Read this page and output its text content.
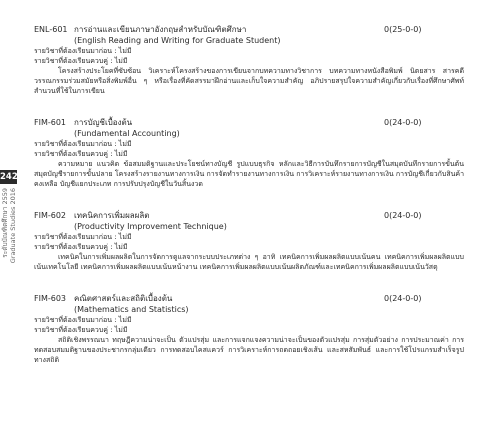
242
ระดับบัณฑิตศึกษา 2559 Graduate Studies 2016
ENL-601 การอ่านและเขียนภาษาอังกฤษสำหรับบัณฑิตศึกษา	0(25-0-0)
(English Reading and Writing for Graduate Student)
รายวิชาที่ต้องเรียนมาก่อน : ไม่มี
รายวิชาที่ต้องเรียนควบคู่ : ไม่มี
โครงสร้างประโยคที่ซับซ้อน วิเคราะห์โครงสร้างของการเขียนจากบทความทางวิชาการ บทความทางหนังสือพิมพ์ นิตยสาร สารคดี วรรณกรรมร่วมสมัยหรือสิ่งพิมพ์อื่น ๆ หรือเรื่องที่คัดสรรมาฝึกอ่านและเก็บใจความสำคัญ อภิปรายสรุปใจความสำคัญเกี่ยวกับเรื่องที่ศึกษาศัพท์ สำนวนที่ใช้ในการเขียน
FIM-601 การบัญชีเบื้องต้น	0(24-0-0)
(Fundamental Accounting)
รายวิชาที่ต้องเรียนมาก่อน : ไม่มี
รายวิชาที่ต้องเรียนควบคู่ : ไม่มี
ความหมาย แนวคิด ข้อสมมติฐานและประโยชน์ทางบัญชี รูปแบบธุรกิจ หลักและวิธีการบันทึกรายการบัญชีในสมุดบันทึกรายการขั้นต้น สมุดบัญชีรายการขั้นปลาย โครงสร้างรายงานทางการเงิน การจัดทำรายงานทางการเงิน การวิเคราะห์รายงานทางการเงิน การบัญชีเกี่ยวกับสินค้าคงเหลือ บัญชีแยกประเภท การปรับปรุงบัญชีในวันสิ้นงวด
FIM-602 เทคนิคการเพิ่มผลผลิต	0(24-0-0)
(Productivity Improvement Technique)
รายวิชาที่ต้องเรียนมาก่อน : ไม่มี
รายวิชาที่ต้องเรียนควบคู่ : ไม่มี
เทคนิคในการเพิ่มผลผลิตในการจัดการดูแลจากระบบประเภทต่าง ๆ อาทิ เทคนิคการเพิ่มผลผลิตแบบเน้นคน เทคนิคการเพิ่มผลผลิตแบบเน้นเทคโนโลยี เทคนิคการเพิ่มผลผลิตแบบเน้นหน้างาน เทคนิคการเพิ่มผลผลิตแบบเน้นผลิตภัณฑ์และเทคนิคการเพิ่มผลผลิตแบบเน้นวัสดุ
FIM-603 คณิตศาสตร์และสถิติเบื้องต้น	0(24-0-0)
(Mathematics and Statistics)
รายวิชาที่ต้องเรียนมาก่อน : ไม่มี
รายวิชาที่ต้องเรียนควบคู่ : ไม่มี
สถิติเชิงพรรณนา ทฤษฎีความน่าจะเป็น ตัวแปรสุ่ม และการแจกแจงความน่าจะเป็นของตัวแปรสุ่ม การสุ่มตัวอย่าง การประมาณค่า การทดสอบสมมติฐานของประชากรกลุ่มเดียว การทดสอบไคสแควร์ การวิเคราะห์การถดถอยเชิงเส้น และสหสัมพันธ์ และการใช้โปรแกรมสำเร็จรูปทางสถิติ
